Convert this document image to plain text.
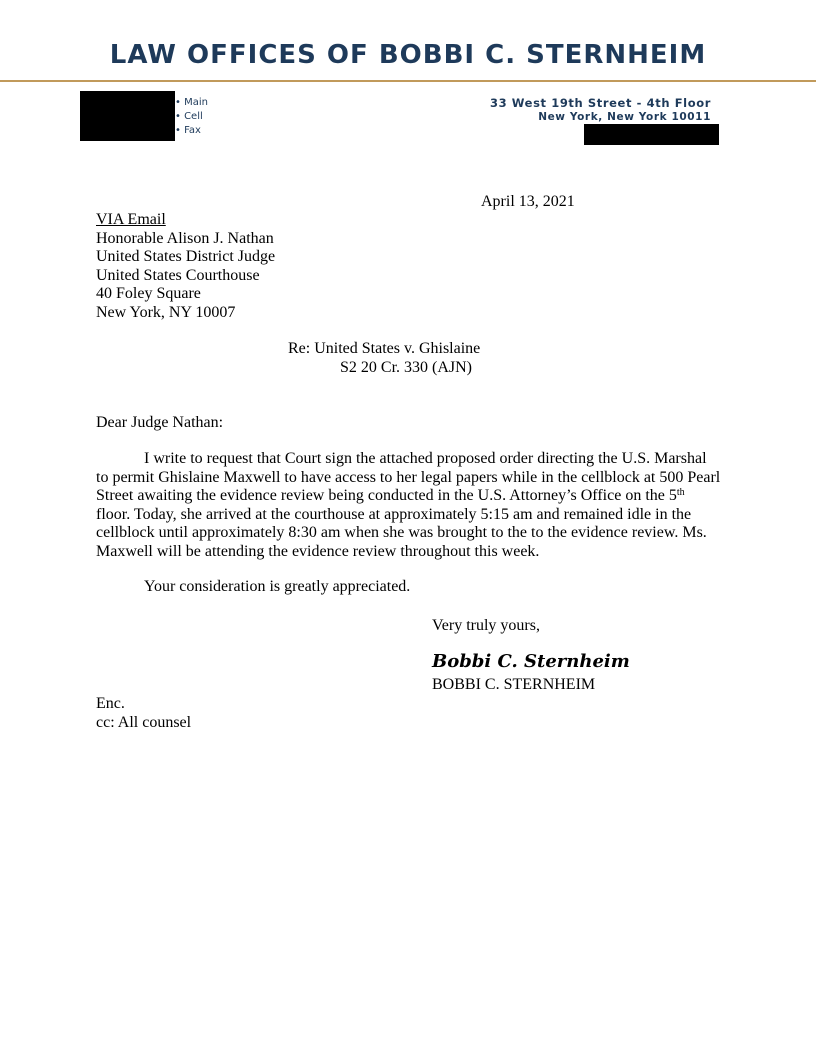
LAW OFFICES OF BOBBI C. STERNHEIM
• Main
• Cell
• Fax
33 West 19th Street - 4th Floor
New York, New York 10011
April 13, 2021
VIA Email
Honorable Alison J. Nathan
United States District Judge
United States Courthouse
40 Foley Square
New York, NY 10007
Re: United States v. Ghislaine
S2 20 Cr. 330 (AJN)
Dear Judge Nathan:
I write to request that Court sign the attached proposed order directing the U.S. Marshal to permit Ghislaine Maxwell to have access to her legal papers while in the cellblock at 500 Pearl Street awaiting the evidence review being conducted in the U.S. Attorney’s Office on the 5th floor. Today, she arrived at the courthouse at approximately 5:15 am and remained idle in the cellblock until approximately 8:30 am when she was brought to the to the evidence review. Ms. Maxwell will be attending the evidence review throughout this week.
Your consideration is greatly appreciated.
Very truly yours,
Bobbi C. Sternheim
BOBBI C. STERNHEIM
Enc.
cc: All counsel
